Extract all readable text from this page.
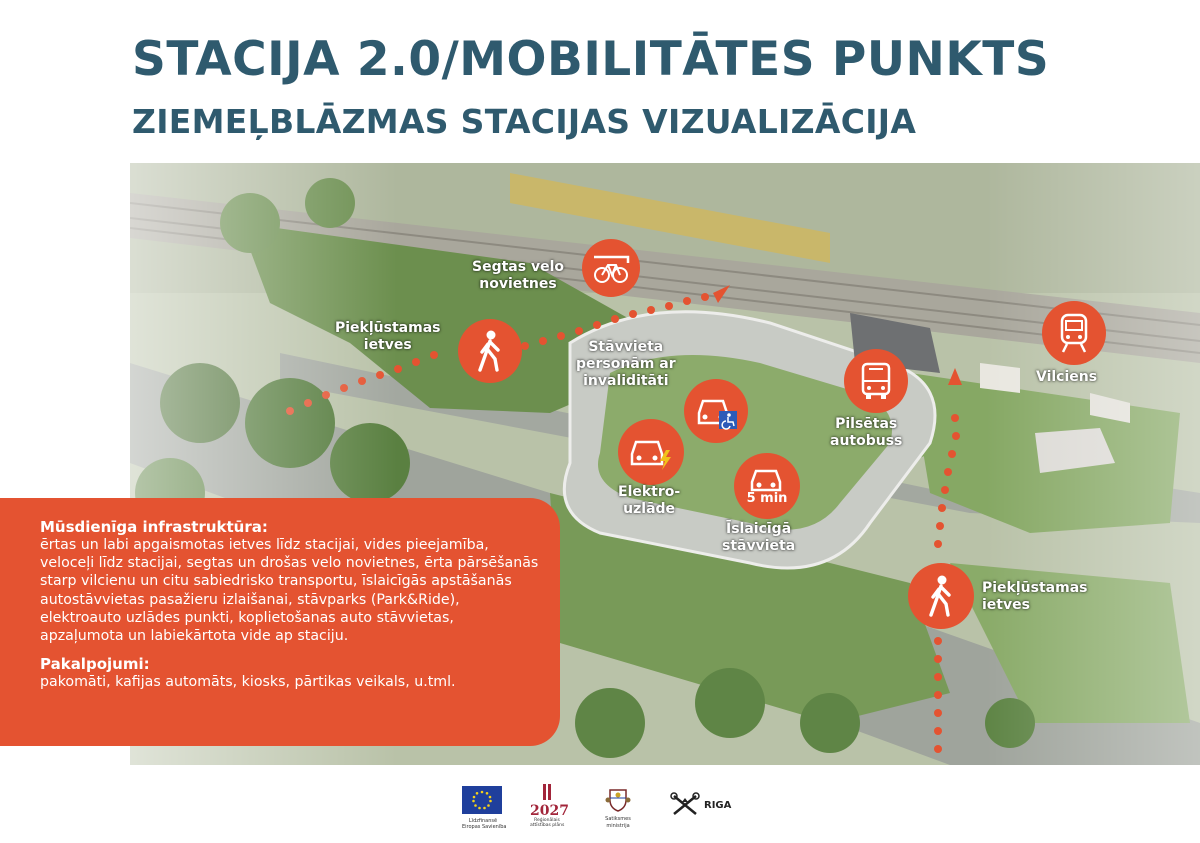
STACIJA 2.0/MOBILITĀTES PUNKTS
ZIEMEĻBLĀZMAS STACIJAS VIZUALIZĀCIJA
5 min
Segtas velo
novietnes
Piekļūstamas
ietves	Stāvvieta
personām ar
invaliditāti
Pilsētas
autobuss
Vilciens
Elektro-
uzlāde
Īslaicīgā
stāvvieta
Piekļūstamas
ietves
Mūsdienīga infrastruktūra:

ērtas un labi apgaismotas ietves līdz stacijai, vides pieejamība, veloceļi līdz stacijai, segtas un drošas velo novietnes, ērta pārsēšanās starp vilcienu un citu sabiedrisko transportu, īslaicīgās apstāšanās autostāvvietas pasažieru izlaišanai, stāvparks (Park&Ride), elektroauto uzlādes punkti, koplietošanas auto stāvvietas, apzaļumota un labiekārtota vide ap staciju.

Pakalpojumi:

pakomāti, kafijas automāts, kiosks, pārtikas veikals, u.tml.

Līdzfinansē
Eiropas Savienība
2027
Reģionālais
attīstības plāns
Satiksmes ministrija
RIGA
